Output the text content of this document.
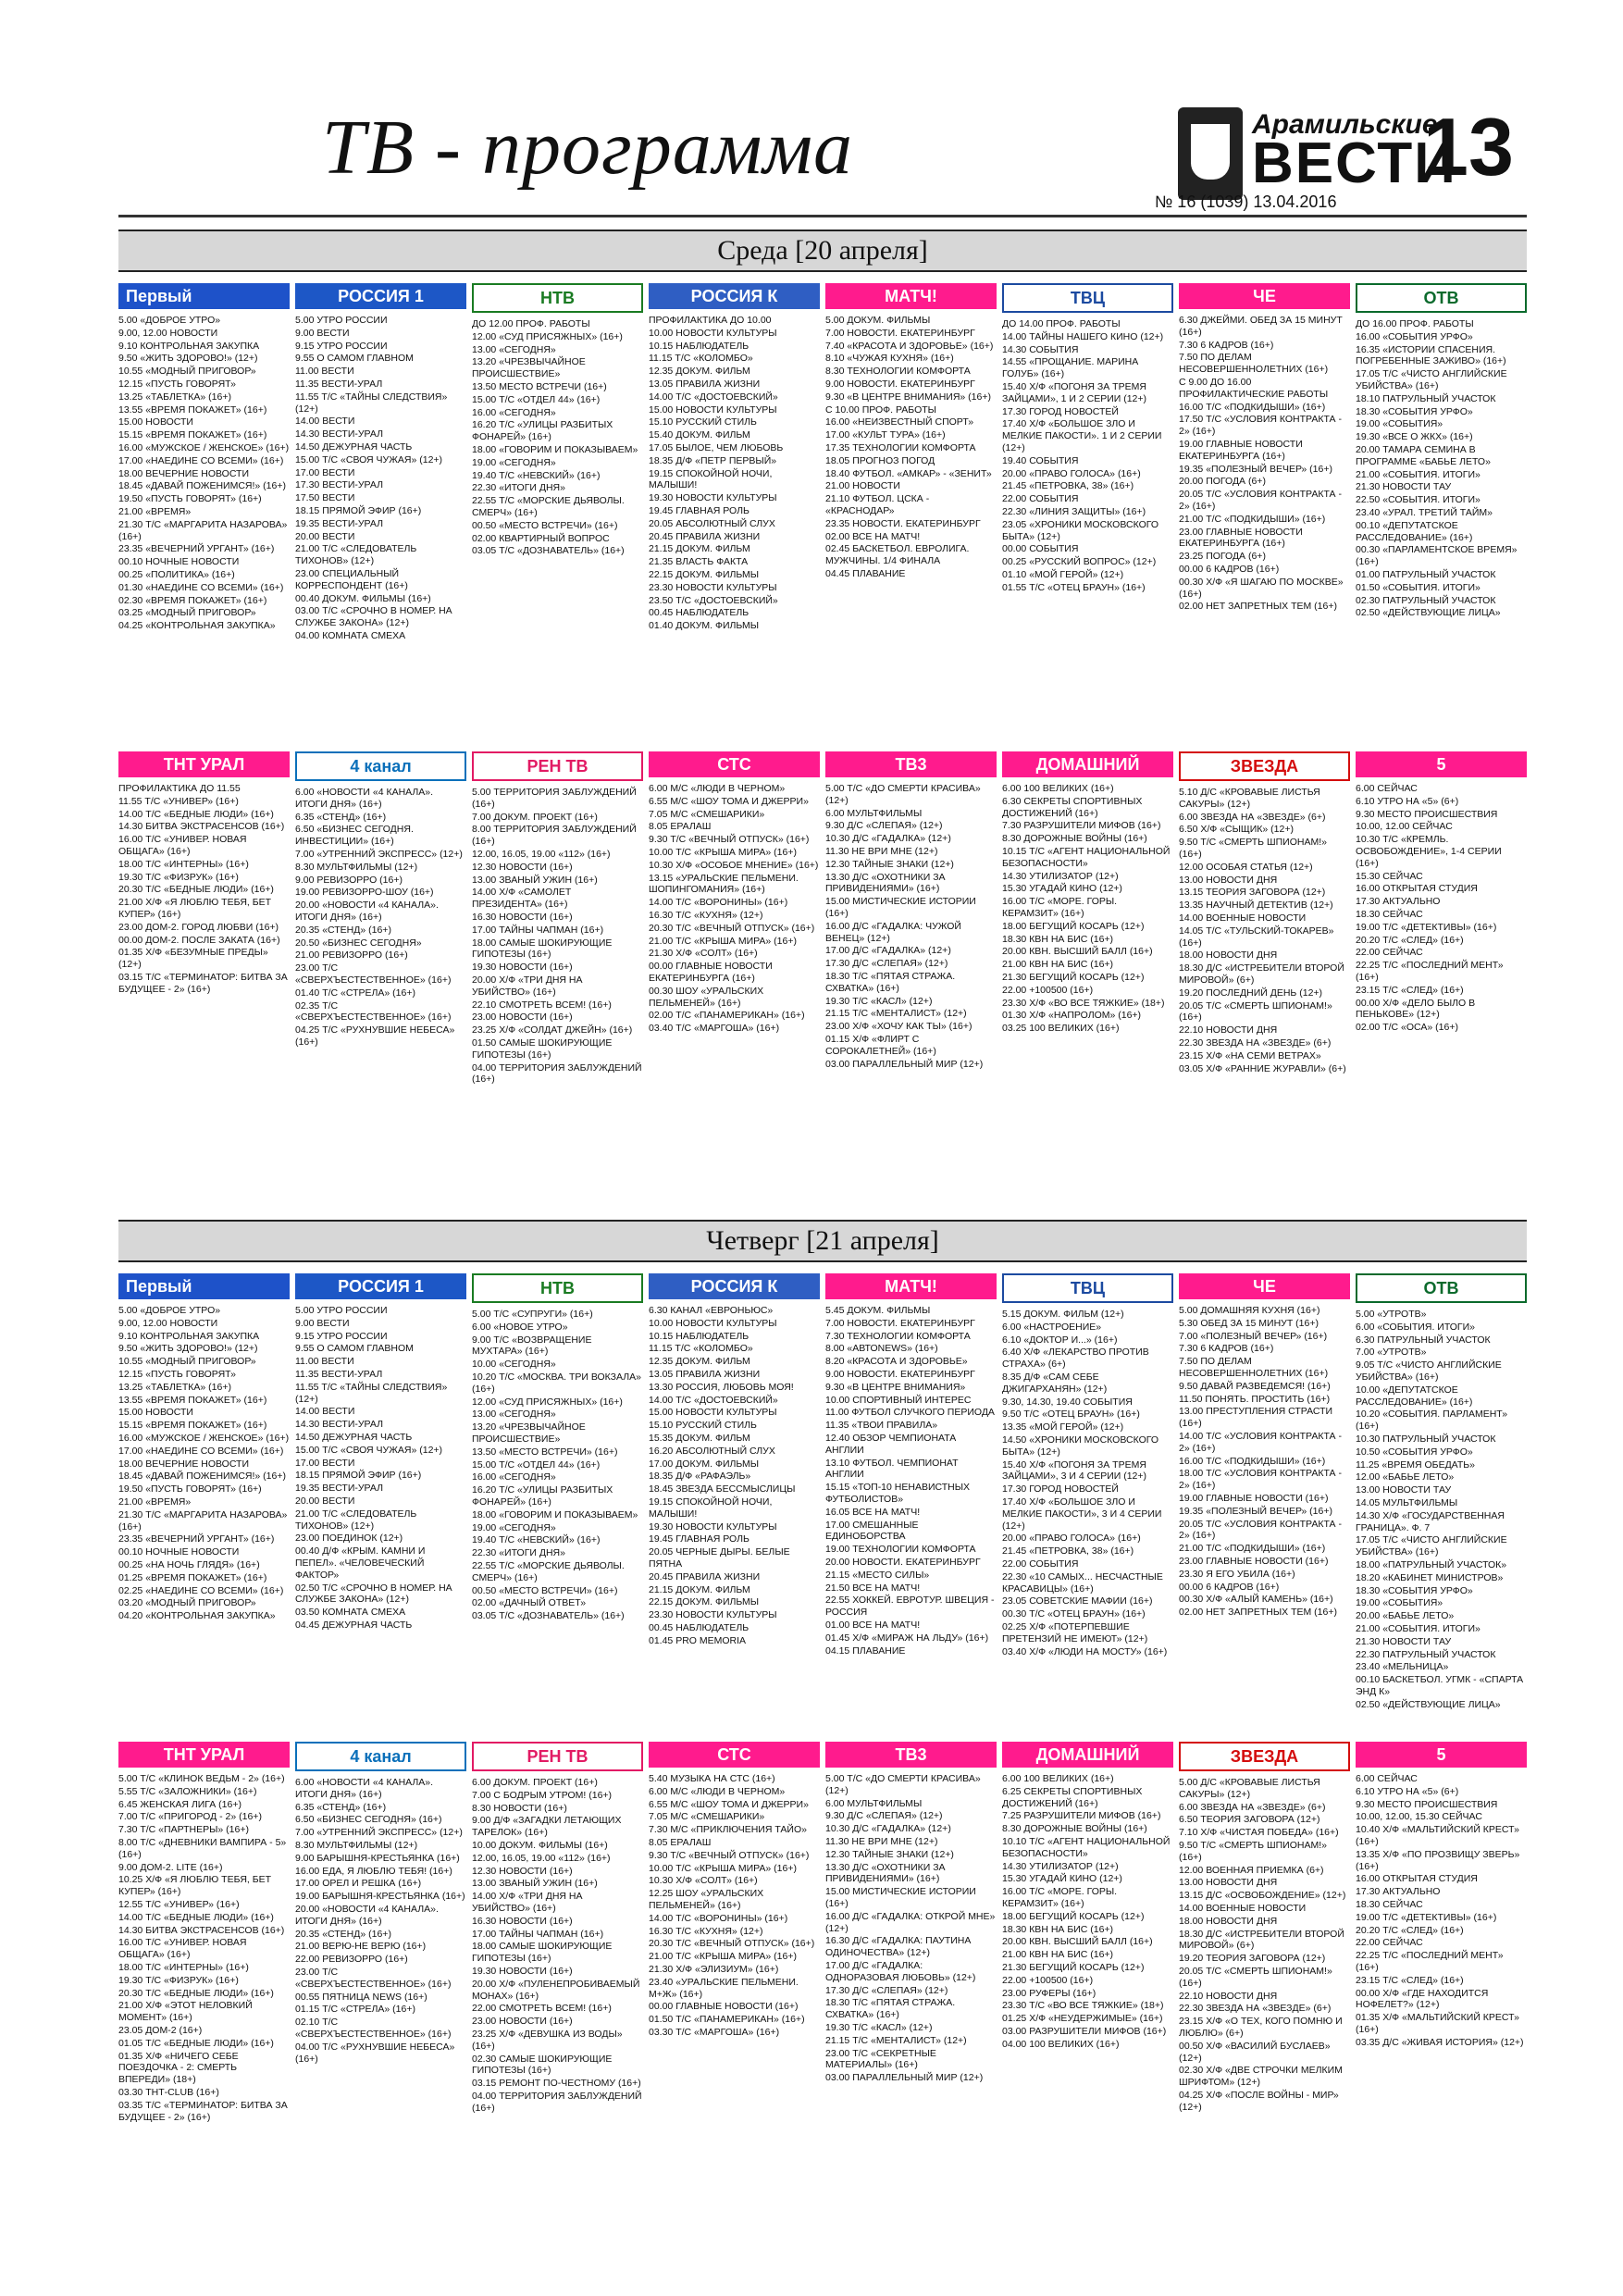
ТВ - программа	Арамильские
ВЕСТИ
13
№ 16 (1039) 13.04.2016
Среда [20 апреля]
Первый
5.00 «ДОБРОЕ УТРО»
9.00, 12.00 НОВОСТИ
9.10 КОНТРОЛЬНАЯ ЗАКУПКА
9.50 «ЖИТЬ ЗДОРОВО!» (12+)
10.55 «МОДНЫЙ ПРИГОВОР»
12.15 «ПУСТЬ ГОВОРЯТ»
13.25 «ТАБЛЕТКА» (16+)
13.55 «ВРЕМЯ ПОКАЖЕТ» (16+)
15.00 НОВОСТИ
15.15 «ВРЕМЯ ПОКАЖЕТ» (16+)
16.00 «МУЖСКОЕ / ЖЕНСКОЕ» (16+)
17.00 «НАЕДИНЕ СО ВСЕМИ» (16+)
18.00 ВЕЧЕРНИЕ НОВОСТИ
18.45 «ДАВАЙ ПОЖЕНИМСЯ!» (16+)
19.50 «ПУСТЬ ГОВОРЯТ» (16+)
21.00 «ВРЕМЯ»
21.30 Т/С «МАРГАРИТА НАЗАРОВА» (16+)
23.35 «ВЕЧЕРНИЙ УРГАНТ» (16+)
00.10 НОЧНЫЕ НОВОСТИ
00.25 «ПОЛИТИКА» (16+)
01.30 «НАЕДИНЕ СО ВСЕМИ» (16+)
02.30 «ВРЕМЯ ПОКАЖЕТ» (16+)
03.25 «МОДНЫЙ ПРИГОВОР»
04.25 «КОНТРОЛЬНАЯ ЗАКУПКА»
РОССИЯ 1
5.00 УТРО РОССИИ
9.00 ВЕСТИ
9.15 УТРО РОССИИ
9.55 О САМОМ ГЛАВНОМ
11.00 ВЕСТИ
11.35 ВЕСТИ-УРАЛ
11.55 Т/С «ТАЙНЫ СЛЕДСТВИЯ» (12+)
14.00 ВЕСТИ
14.30 ВЕСТИ-УРАЛ
14.50 ДЕЖУРНАЯ ЧАСТЬ
15.00 Т/С «СВОЯ ЧУЖАЯ» (12+)
17.00 ВЕСТИ
17.30 ВЕСТИ-УРАЛ
17.50 ВЕСТИ
18.15 ПРЯМОЙ ЭФИР (16+)
19.35 ВЕСТИ-УРАЛ
20.00 ВЕСТИ
21.00 Т/С «СЛЕДОВАТЕЛЬ ТИХОНОВ» (12+)
23.00 СПЕЦИАЛЬНЫЙ КОРРЕСПОНДЕНТ (16+)
00.40 ДОКУМ. ФИЛЬМЫ (16+)
03.00 Т/С «СРОЧНО В НОМЕР. НА СЛУЖБЕ ЗАКОНА» (12+)
04.00 КОМНАТА СМЕХА
НТВ
ДО 12.00 ПРОФ. РАБОТЫ
12.00 «СУД ПРИСЯЖНЫХ» (16+)
13.00 «СЕГОДНЯ»
13.20 «ЧРЕЗВЫЧАЙНОЕ ПРОИСШЕСТВИЕ»
13.50 МЕСТО ВСТРЕЧИ (16+)
15.00 Т/С «ОТДЕЛ 44» (16+)
16.00 «СЕГОДНЯ»
16.20 Т/С «УЛИЦЫ РАЗБИТЫХ ФОНАРЕЙ» (16+)
18.00 «ГОВОРИМ И ПОКАЗЫВАЕМ»
19.00 «СЕГОДНЯ»
19.40 Т/С «НЕВСКИЙ» (16+)
22.30 «ИТОГИ ДНЯ»
22.55 Т/С «МОРСКИЕ ДЬЯВОЛЫ. СМЕРЧ» (16+)
00.50 «МЕСТО ВСТРЕЧИ» (16+)
02.00 КВАРТИРНЫЙ ВОПРОС
03.05 Т/С «ДОЗНАВАТЕЛЬ» (16+)
РОССИЯ К
ПРОФИЛАКТИКА ДО 10.00
10.00 НОВОСТИ КУЛЬТУРЫ
10.15 НАБЛЮДАТЕЛЬ
11.15 Т/С «КОЛОМБО»
12.35 ДОКУМ. ФИЛЬМ
13.05 ПРАВИЛА ЖИЗНИ
14.00 Т/С «ДОСТОЕВСКИЙ»
15.00 НОВОСТИ КУЛЬТУРЫ
15.10 РУССКИЙ СТИЛЬ
15.40 ДОКУМ. ФИЛЬМ
17.05 БЫЛОЕ, ЧЕМ ЛЮБОВЬ
18.35 Д/Ф «ПЕТР ПЕРВЫЙ»
19.15 СПОКОЙНОЙ НОЧИ, МАЛЫШИ!
19.30 НОВОСТИ КУЛЬТУРЫ
19.45 ГЛАВНАЯ РОЛЬ
20.05 АБСОЛЮТНЫЙ СЛУХ
20.45 ПРАВИЛА ЖИЗНИ
21.15 ДОКУМ. ФИЛЬМ
21.35 ВЛАСТЬ ФАКТА
22.15 ДОКУМ. ФИЛЬМЫ
23.30 НОВОСТИ КУЛЬТУРЫ
23.50 Т/С «ДОСТОЕВСКИЙ»
00.45 НАБЛЮДАТЕЛЬ
01.40 ДОКУМ. ФИЛЬМЫ
МАТЧ!
5.00 ДОКУМ. ФИЛЬМЫ
7.00 НОВОСТИ. ЕКАТЕРИНБУРГ
7.40 «КРАСОТА И ЗДОРОВЬЕ» (16+)
8.10 «ЧУЖАЯ КУХНЯ» (16+)
8.30 ТЕХНОЛОГИИ КОМФОРТА
9.00 НОВОСТИ. ЕКАТЕРИНБУРГ
9.30 «В ЦЕНТРЕ ВНИМАНИЯ» (16+)
С 10.00 ПРОФ. РАБОТЫ
16.00 «НЕИЗВЕСТНЫЙ СПОРТ»
17.00 «КУЛЬТ ТУРА» (16+)
17.35 ТЕХНОЛОГИИ КОМФОРТА
18.05 ПРОГНОЗ ПОГОД
18.40 ФУТБОЛ. «АМКАР» - «ЗЕНИТ»
21.00 НОВОСТИ
21.10 ФУТБОЛ. ЦСКА - «КРАСНОДАР»
23.35 НОВОСТИ. ЕКАТЕРИНБУРГ
02.00 ВСЕ НА МАТЧ!
02.45 БАСКЕТБОЛ. ЕВРОЛИГА. МУЖЧИНЫ. 1/4 ФИНАЛА
04.45 ПЛАВАНИЕ
ТВЦ
ДО 14.00 ПРОФ. РАБОТЫ
14.00 ТАЙНЫ НАШЕГО КИНО (12+)
14.30 СОБЫТИЯ
14.55 «ПРОЩАНИЕ. МАРИНА ГОЛУБ» (16+)
15.40 Х/Ф «ПОГОНЯ ЗА ТРЕМЯ ЗАЙЦАМИ», 1 И 2 СЕРИИ (12+)
17.30 ГОРОД НОВОСТЕЙ
17.40 Х/Ф «БОЛЬШОЕ ЗЛО И МЕЛКИЕ ПАКОСТИ». 1 И 2 СЕРИИ (12+)
19.40 СОБЫТИЯ
20.00 «ПРАВО ГОЛОСА» (16+)
21.45 «ПЕТРОВКА, 38» (16+)
22.00 СОБЫТИЯ
22.30 «ЛИНИЯ ЗАЩИТЫ» (16+)
23.05 «ХРОНИКИ МОСКОВСКОГО БЫТА» (12+)
00.00 СОБЫТИЯ
00.25 «РУССКИЙ ВОПРОС» (12+)
01.10 «МОЙ ГЕРОЙ» (12+)
01.55 Т/С «ОТЕЦ БРАУН» (16+)
ЧЕ
6.30 ДЖЕЙМИ. ОБЕД ЗА 15 МИНУТ (16+)
7.30 6 КАДРОВ (16+)
7.50 ПО ДЕЛАМ НЕСОВЕРШЕННОЛЕТНИХ (16+)
С 9.00 ДО 16.00 ПРОФИЛАКТИЧЕСКИЕ РАБОТЫ
16.00 Т/С «ПОДКИДЫШИ» (16+)
17.50 Т/С «УСЛОВИЯ КОНТРАКТА - 2» (16+)
19.00 ГЛАВНЫЕ НОВОСТИ ЕКАТЕРИНБУРГА (16+)
19.35 «ПОЛЕЗНЫЙ ВЕЧЕР» (16+)
20.00 ПОГОДА (6+)
20.05 Т/С «УСЛОВИЯ КОНТРАКТА - 2» (16+)
21.00 Т/С «ПОДКИДЫШИ» (16+)
23.00 ГЛАВНЫЕ НОВОСТИ ЕКАТЕРИНБУРГА (16+)
23.25 ПОГОДА (6+)
00.00 6 КАДРОВ (16+)
00.30 Х/Ф «Я ШАГАЮ ПО МОСКВЕ» (16+)
02.00 НЕТ ЗАПРЕТНЫХ ТЕМ (16+)
ОТВ
ДО 16.00 ПРОФ. РАБОТЫ
16.00 «СОБЫТИЯ УРФО»
16.35 «ИСТОРИИ СПАСЕНИЯ. ПОГРЕБЕННЫЕ ЗАЖИВО» (16+)
17.05 Т/С «ЧИСТО АНГЛИЙСКИЕ УБИЙСТВА» (16+)
18.10 ПАТРУЛЬНЫЙ УЧАСТОК
18.30 «СОБЫТИЯ УРФО»
19.00 «СОБЫТИЯ»
19.30 «ВСЕ О ЖКХ» (16+)
20.00 ТАМАРА СЕМИНА В ПРОГРАММЕ «БАБЬЕ ЛЕТО»
21.00 «СОБЫТИЯ. ИТОГИ»
21.30 НОВОСТИ ТАУ
22.50 «СОБЫТИЯ. ИТОГИ»
23.40 «УРАЛ. ТРЕТИЙ ТАЙМ»
00.10 «ДЕПУТАТСКОЕ РАССЛЕДОВАНИЕ» (16+)
00.30 «ПАРЛАМЕНТСКОЕ ВРЕМЯ» (16+)
01.00 ПАТРУЛЬНЫЙ УЧАСТОК
01.50 «СОБЫТИЯ. ИТОГИ»
02.30 ПАТРУЛЬНЫЙ УЧАСТОК
02.50 «ДЕЙСТВУЮЩИЕ ЛИЦА»
ТНТ УРАЛ
ПРОФИЛАКТИКА ДО 11.55
11.55 Т/С «УНИВЕР» (16+)
14.00 Т/С «БЕДНЫЕ ЛЮДИ» (16+)
14.30 БИТВА ЭКСТРАСЕНСОВ (16+)
16.00 Т/С «УНИВЕР. НОВАЯ ОБЩАГА» (16+)
18.00 Т/С «ИНТЕРНЫ» (16+)
19.30 Т/С «ФИЗРУК» (16+)
20.30 Т/С «БЕДНЫЕ ЛЮДИ» (16+)
21.00 Х/Ф «Я ЛЮБЛЮ ТЕБЯ, БЕТ КУПЕР» (16+)
23.00 ДОМ-2. ГОРОД ЛЮБВИ (16+)
00.00 ДОМ-2. ПОСЛЕ ЗАКАТА (16+)
01.35 Х/Ф «БЕЗУМНЫЕ ПРЕДЫ» (12+)
03.15 Т/С «ТЕРМИНАТОР: БИТВА ЗА БУДУЩЕЕ - 2» (16+)
4 канал
6.00 «НОВОСТИ «4 КАНАЛА». ИТОГИ ДНЯ» (16+)
6.35 «СТЕНД» (16+)
6.50 «БИЗНЕС СЕГОДНЯ. ИНВЕСТИЦИИ» (16+)
7.00 «УТРЕННИЙ ЭКСПРЕСС» (12+)
8.30 МУЛЬТФИЛЬМЫ (12+)
9.00 РЕВИЗОРРО (16+)
19.00 РЕВИЗОРРО-ШОУ (16+)
20.00 «НОВОСТИ «4 КАНАЛА». ИТОГИ ДНЯ» (16+)
20.35 «СТЕНД» (16+)
20.50 «БИЗНЕС СЕГОДНЯ»
21.00 РЕВИЗОРРО (16+)
23.00 Т/С «СВЕРХЪЕСТЕСТВЕННОЕ» (16+)
01.40 Т/С «СТРЕЛА» (16+)
02.35 Т/С «СВЕРХЪЕСТЕСТВЕННОЕ» (16+)
04.25 Т/С «РУХНУВШИЕ НЕБЕСА» (16+)
РЕН ТВ
5.00 ТЕРРИТОРИЯ ЗАБЛУЖДЕНИЙ (16+)
7.00 ДОКУМ. ПРОЕКТ (16+)
8.00 ТЕРРИТОРИЯ ЗАБЛУЖДЕНИЙ (16+)
12.00, 16.05, 19.00 «112» (16+)
12.30 НОВОСТИ (16+)
13.00 ЗВАНЫЙ УЖИН (16+)
14.00 Х/Ф «САМОЛЕТ ПРЕЗИДЕНТА» (16+)
16.30 НОВОСТИ (16+)
17.00 ТАЙНЫ ЧАПМАН (16+)
18.00 САМЫЕ ШОКИРУЮЩИЕ ГИПОТЕЗЫ (16+)
19.30 НОВОСТИ (16+)
20.00 Х/Ф «ТРИ ДНЯ НА УБИЙСТВО» (16+)
22.10 СМОТРЕТЬ ВСЕМ! (16+)
23.00 НОВОСТИ (16+)
23.25 Х/Ф «СОЛДАТ ДЖЕЙН» (16+)
01.50 САМЫЕ ШОКИРУЮЩИЕ ГИПОТЕЗЫ (16+)
04.00 ТЕРРИТОРИЯ ЗАБЛУЖДЕНИЙ (16+)
СТС
6.00 М/С «ЛЮДИ В ЧЕРНОМ»
6.55 М/С «ШОУ ТОМА И ДЖЕРРИ»
7.05 М/С «СМЕШАРИКИ»
8.05 ЕРАЛАШ
9.30 Т/С «ВЕЧНЫЙ ОТПУСК» (16+)
10.00 Т/С «КРЫША МИРА» (16+)
10.30 Х/Ф «ОСОБОЕ МНЕНИЕ» (16+)
13.15 «УРАЛЬСКИЕ ПЕЛЬМЕНИ. ШОПИНГОМАНИЯ» (16+)
14.00 Т/С «ВОРОНИНЫ» (16+)
16.30 Т/С «КУХНЯ» (12+)
20.30 Т/С «ВЕЧНЫЙ ОТПУСК» (16+)
21.00 Т/С «КРЫША МИРА» (16+)
21.30 Х/Ф «СОЛТ» (16+)
00.00 ГЛАВНЫЕ НОВОСТИ ЕКАТЕРИНБУРГА (16+)
00.30 ШОУ «УРАЛЬСКИХ ПЕЛЬМЕНЕЙ» (16+)
02.00 Т/С «ПАНАМЕРИКАН» (16+)
03.40 Т/С «МАРГОША» (16+)
ТВ3
5.00 Т/С «ДО СМЕРТИ КРАСИВА» (12+)
6.00 МУЛЬТФИЛЬМЫ
9.30 Д/С «СЛЕПАЯ» (12+)
10.30 Д/С «ГАДАЛКА» (12+)
11.30 НЕ ВРИ МНЕ (12+)
12.30 ТАЙНЫЕ ЗНАКИ (12+)
13.30 Д/С «ОХОТНИКИ ЗА ПРИВИДЕНИЯМИ» (16+)
15.00 МИСТИЧЕСКИЕ ИСТОРИИ (16+)
16.00 Д/С «ГАДАЛКА: ЧУЖОЙ ВЕНЕЦ» (12+)
17.00 Д/С «ГАДАЛКА» (12+)
17.30 Д/С «СЛЕПАЯ» (12+)
18.30 Т/С «ПЯТАЯ СТРАЖА. СХВАТКА» (16+)
19.30 Т/С «КАСЛ» (12+)
21.15 Т/С «МЕНТАЛИСТ» (12+)
23.00 Х/Ф «ХОЧУ КАК ТЫ» (16+)
01.15 Х/Ф «ФЛИРТ С СОРОКАЛЕТНЕЙ» (16+)
03.00 ПАРАЛЛЕЛЬНЫЙ МИР (12+)
ДОМАШНИЙ
6.00 100 ВЕЛИКИХ (16+)
6.30 СЕКРЕТЫ СПОРТИВНЫХ ДОСТИЖЕНИЙ (16+)
7.30 РАЗРУШИТЕЛИ МИФОВ (16+)
8.30 ДОРОЖНЫЕ ВОЙНЫ (16+)
10.15 Т/С «АГЕНТ НАЦИОНАЛЬНОЙ БЕЗОПАСНОСТИ»
14.30 УТИЛИЗАТОР (12+)
15.30 УГАДАЙ КИНО (12+)
16.00 Т/С «МОРЕ. ГОРЫ. КЕРАМЗИТ» (16+)
18.00 БЕГУЩИЙ КОСАРЬ (12+)
18.30 КВН НА БИС (16+)
20.00 КВН. ВЫСШИЙ БАЛЛ (16+)
21.00 КВН НА БИС (16+)
21.30 БЕГУЩИЙ КОСАРЬ (12+)
22.00 +100500 (16+)
23.30 Х/Ф «ВО ВСЕ ТЯЖКИЕ» (18+)
01.30 Х/Ф «НАПРОЛОМ» (16+)
03.25 100 ВЕЛИКИХ (16+)
ЗВЕЗДА
5.10 Д/С «КРОВАВЫЕ ЛИСТЬЯ САКУРЫ» (12+)
6.00 ЗВЕЗДА НА «ЗВЕЗДЕ» (6+)
6.50 Х/Ф «СЫЩИК» (12+)
9.50 Т/С «СМЕРТЬ ШПИОНАМ!» (16+)
12.00 ОСОБАЯ СТАТЬЯ (12+)
13.00 НОВОСТИ ДНЯ
13.15 ТЕОРИЯ ЗАГОВОРА (12+)
13.35 НАУЧНЫЙ ДЕТЕКТИВ (12+)
14.00 ВОЕННЫЕ НОВОСТИ
14.05 Т/С «ТУЛЬСКИЙ-ТОКАРЕВ» (16+)
18.00 НОВОСТИ ДНЯ
18.30 Д/С «ИСТРЕБИТЕЛИ ВТОРОЙ МИРОВОЙ» (6+)
19.20 ПОСЛЕДНИЙ ДЕНЬ (12+)
20.05 Т/С «СМЕРТЬ ШПИОНАМ!» (16+)
22.10 НОВОСТИ ДНЯ
22.30 ЗВЕЗДА НА «ЗВЕЗДЕ» (6+)
23.15 Х/Ф «НА СЕМИ ВЕТРАХ»
03.05 Х/Ф «РАННИЕ ЖУРАВЛИ» (6+)
5
6.00 СЕЙЧАС
6.10 УТРО НА «5» (6+)
9.30 МЕСТО ПРОИСШЕСТВИЯ
10.00, 12.00 СЕЙЧАС
10.30 Т/С «КРЕМЛЬ. ОСВОБОЖДЕНИЕ», 1-4 СЕРИИ (16+)
15.30 СЕЙЧАС
16.00 ОТКРЫТАЯ СТУДИЯ
17.30 АКТУАЛЬНО
18.30 СЕЙЧАС
19.00 Т/С «ДЕТЕКТИВЫ» (16+)
20.20 Т/С «СЛЕД» (16+)
22.00 СЕЙЧАС
22.25 Т/С «ПОСЛЕДНИЙ МЕНТ» (16+)
23.15 Т/С «СЛЕД» (16+)
00.00 Х/Ф «ДЕЛО БЫЛО В ПЕНЬКОВЕ» (12+)
02.00 Т/С «ОСА» (16+)
Четверг [21 апреля]
Первый
5.00 «ДОБРОЕ УТРО»
9.00, 12.00 НОВОСТИ
9.10 КОНТРОЛЬНАЯ ЗАКУПКА
9.50 «ЖИТЬ ЗДОРОВО!» (12+)
10.55 «МОДНЫЙ ПРИГОВОР»
12.15 «ПУСТЬ ГОВОРЯТ»
13.25 «ТАБЛЕТКА» (16+)
13.55 «ВРЕМЯ ПОКАЖЕТ» (16+)
15.00 НОВОСТИ
15.15 «ВРЕМЯ ПОКАЖЕТ» (16+)
16.00 «МУЖСКОЕ / ЖЕНСКОЕ» (16+)
17.00 «НАЕДИНЕ СО ВСЕМИ» (16+)
18.00 ВЕЧЕРНИЕ НОВОСТИ
18.45 «ДАВАЙ ПОЖЕНИМСЯ!» (16+)
19.50 «ПУСТЬ ГОВОРЯТ» (16+)
21.00 «ВРЕМЯ»
21.30 Т/С «МАРГАРИТА НАЗАРОВА» (16+)
23.35 «ВЕЧЕРНИЙ УРГАНТ» (16+)
00.10 НОЧНЫЕ НОВОСТИ
00.25 «НА НОЧЬ ГЛЯДЯ» (16+)
01.25 «ВРЕМЯ ПОКАЖЕТ» (16+)
02.25 «НАЕДИНЕ СО ВСЕМИ» (16+)
03.20 «МОДНЫЙ ПРИГОВОР»
04.20 «КОНТРОЛЬНАЯ ЗАКУПКА»
РОССИЯ 1
5.00 УТРО РОССИИ
9.00 ВЕСТИ
9.15 УТРО РОССИИ
9.55 О САМОМ ГЛАВНОМ
11.00 ВЕСТИ
11.35 ВЕСТИ-УРАЛ
11.55 Т/С «ТАЙНЫ СЛЕДСТВИЯ» (12+)
14.00 ВЕСТИ
14.30 ВЕСТИ-УРАЛ
14.50 ДЕЖУРНАЯ ЧАСТЬ
15.00 Т/С «СВОЯ ЧУЖАЯ» (12+)
17.00 ВЕСТИ
18.15 ПРЯМОЙ ЭФИР (16+)
19.35 ВЕСТИ-УРАЛ
20.00 ВЕСТИ
21.00 Т/С «СЛЕДОВАТЕЛЬ ТИХОНОВ» (12+)
23.00 ПОЕДИНОК (12+)
00.40 Д/Ф «КРЫМ. КАМНИ И ПЕПЕЛ». «ЧЕЛОВЕЧЕСКИЙ ФАКТОР»
02.50 Т/С «СРОЧНО В НОМЕР. НА СЛУЖБЕ ЗАКОНА» (12+)
03.50 КОМНАТА СМЕХА
04.45 ДЕЖУРНАЯ ЧАСТЬ
НТВ
5.00 Т/С «СУПРУГИ» (16+)
6.00 «НОВОЕ УТРО»
9.00 Т/С «ВОЗВРАЩЕНИЕ МУХТАРА» (16+)
10.00 «СЕГОДНЯ»
10.20 Т/С «МОСКВА. ТРИ ВОКЗАЛА» (16+)
12.00 «СУД ПРИСЯЖНЫХ» (16+)
13.00 «СЕГОДНЯ»
13.20 «ЧРЕЗВЫЧАЙНОЕ ПРОИСШЕСТВИЕ»
13.50 «МЕСТО ВСТРЕЧИ» (16+)
15.00 Т/С «ОТДЕЛ 44» (16+)
16.00 «СЕГОДНЯ»
16.20 Т/С «УЛИЦЫ РАЗБИТЫХ ФОНАРЕЙ» (16+)
18.00 «ГОВОРИМ И ПОКАЗЫВАЕМ»
19.00 «СЕГОДНЯ»
19.40 Т/С «НЕВСКИЙ» (16+)
22.30 «ИТОГИ ДНЯ»
22.55 Т/С «МОРСКИЕ ДЬЯВОЛЫ. СМЕРЧ» (16+)
00.50 «МЕСТО ВСТРЕЧИ» (16+)
02.00 «ДАЧНЫЙ ОТВЕТ»
03.05 Т/С «ДОЗНАВАТЕЛЬ» (16+)
РОССИЯ К
6.30 КАНАЛ «ЕВРОНЬЮС»
10.00 НОВОСТИ КУЛЬТУРЫ
10.15 НАБЛЮДАТЕЛЬ
11.15 Т/С «КОЛОМБО»
12.35 ДОКУМ. ФИЛЬМ
13.05 ПРАВИЛА ЖИЗНИ
13.30 РОССИЯ, ЛЮБОВЬ МОЯ!
14.00 Т/С «ДОСТОЕВСКИЙ»
15.00 НОВОСТИ КУЛЬТУРЫ
15.10 РУССКИЙ СТИЛЬ
15.35 ДОКУМ. ФИЛЬМ
16.20 АБСОЛЮТНЫЙ СЛУХ
17.00 ДОКУМ. ФИЛЬМЫ
18.35 Д/Ф «РАФАЭЛЬ»
18.45 ЗВЕЗДА БЕССМЫСЛИЦЫ
19.15 СПОКОЙНОЙ НОЧИ, МАЛЫШИ!
19.30 НОВОСТИ КУЛЬТУРЫ
19.45 ГЛАВНАЯ РОЛЬ
20.05 ЧЕРНЫЕ ДЫРЫ. БЕЛЫЕ ПЯТНА
20.45 ПРАВИЛА ЖИЗНИ
21.15 ДОКУМ. ФИЛЬМ
22.15 ДОКУМ. ФИЛЬМЫ
23.30 НОВОСТИ КУЛЬТУРЫ
00.45 НАБЛЮДАТЕЛЬ
01.45 PRO MEMORIA
МАТЧ!
5.45 ДОКУМ. ФИЛЬМЫ
7.00 НОВОСТИ. ЕКАТЕРИНБУРГ
7.30 ТЕХНОЛОГИИ КОМФОРТА
8.00 «АВТОNEWS» (16+)
8.20 «КРАСОТА И ЗДОРОВЬЕ»
9.00 НОВОСТИ. ЕКАТЕРИНБУРГ
9.30 «В ЦЕНТРЕ ВНИМАНИЯ»
10.00 СПОРТИВНЫЙ ИНТЕРЕС
11.00 ФУТБОЛ СЛУЧКОГО ПЕРИОДА
11.35 «ТВОИ ПРАВИЛА»
12.40 ОБЗОР ЧЕМПИОНАТА АНГЛИИ
13.10 ФУТБОЛ. ЧЕМПИОНАТ АНГЛИИ
15.15 «ТОП-10 НЕНАВИСТНЫХ ФУТБОЛИСТОВ»
16.05 ВСЕ НА МАТЧ!
17.00 СМЕШАННЫЕ ЕДИНОБОРСТВА
19.00 ТЕХНОЛОГИИ КОМФОРТА
20.00 НОВОСТИ. ЕКАТЕРИНБУРГ
21.15 «МЕСТО СИЛЫ»
21.50 ВСЕ НА МАТЧ!
22.55 ХОККЕЙ. ЕВРОТУР. ШВЕЦИЯ - РОССИЯ
01.00 ВСЕ НА МАТЧ!
01.45 Х/Ф «МИРАЖ НА ЛЬДУ» (16+)
04.15 ПЛАВАНИЕ
ТВЦ
5.15 ДОКУМ. ФИЛЬМ (12+)
6.00 «НАСТРОЕНИЕ»
6.10 «ДОКТОР И...» (16+)
6.40 Х/Ф «ЛЕКАРСТВО ПРОТИВ СТРАХА» (6+)
8.35 Д/Ф «САМ СЕБЕ ДЖИГАРХАНЯН» (12+)
9.30, 14.30, 19.40 СОБЫТИЯ
9.50 Т/С «ОТЕЦ БРАУН» (16+)
13.35 «МОЙ ГЕРОЙ» (12+)
14.50 «ХРОНИКИ МОСКОВСКОГО БЫТА» (12+)
15.40 Х/Ф «ПОГОНЯ ЗА ТРЕМЯ ЗАЙЦАМИ», 3 И 4 СЕРИИ (12+)
17.30 ГОРОД НОВОСТЕЙ
17.40 Х/Ф «БОЛЬШОЕ ЗЛО И МЕЛКИЕ ПАКОСТИ», 3 И 4 СЕРИИ (12+)
20.00 «ПРАВО ГОЛОСА» (16+)
21.45 «ПЕТРОВКА, 38» (16+)
22.00 СОБЫТИЯ
22.30 «10 САМЫХ... НЕСЧАСТНЫЕ КРАСАВИЦЫ» (16+)
23.05 СОВЕТСКИЕ МАФИИ (16+)
00.30 Т/С «ОТЕЦ БРАУН» (16+)
02.25 Х/Ф «ПОТЕРПЕВШИЕ ПРЕТЕНЗИЙ НЕ ИМЕЮТ» (12+)
03.40 Х/Ф «ЛЮДИ НА МОСТУ» (16+)
ЧЕ
5.00 ДОМАШНЯЯ КУХНЯ (16+)
5.30 ОБЕД ЗА 15 МИНУТ (16+)
7.00 «ПОЛЕЗНЫЙ ВЕЧЕР» (16+)
7.30 6 КАДРОВ (16+)
7.50 ПО ДЕЛАМ НЕСОВЕРШЕННОЛЕТНИХ (16+)
9.50 ДАВАЙ РАЗВЕДЕМСЯ! (16+)
11.50 ПОНЯТЬ. ПРОСТИТЬ (16+)
13.00 ПРЕСТУПЛЕНИЯ СТРАСТИ (16+)
14.00 Т/С «УСЛОВИЯ КОНТРАКТА - 2» (16+)
16.00 Т/С «ПОДКИДЫШИ» (16+)
18.00 Т/С «УСЛОВИЯ КОНТРАКТА - 2» (16+)
19.00 ГЛАВНЫЕ НОВОСТИ (16+)
19.35 «ПОЛЕЗНЫЙ ВЕЧЕР» (16+)
20.05 Т/С «УСЛОВИЯ КОНТРАКТА - 2» (16+)
21.00 Т/С «ПОДКИДЫШИ» (16+)
23.00 ГЛАВНЫЕ НОВОСТИ (16+)
23.30 Я ЕГО УБИЛА (16+)
00.00 6 КАДРОВ (16+)
00.30 Х/Ф «АЛЫЙ КАМЕНЬ» (16+)
02.00 НЕТ ЗАПРЕТНЫХ ТЕМ (16+)
ОТВ
5.00 «УТРОТВ»
6.00 «СОБЫТИЯ. ИТОГИ»
6.30 ПАТРУЛЬНЫЙ УЧАСТОК
7.00 «УТРОТВ»
9.05 Т/С «ЧИСТО АНГЛИЙСКИЕ УБИЙСТВА» (16+)
10.00 «ДЕПУТАТСКОЕ РАССЛЕДОВАНИЕ» (16+)
10.20 «СОБЫТИЯ. ПАРЛАМЕНТ» (16+)
10.30 ПАТРУЛЬНЫЙ УЧАСТОК
10.50 «СОБЫТИЯ УРФО»
11.25 «ВРЕМЯ ОБЕДАТЬ»
12.00 «БАБЬЕ ЛЕТО»
13.00 НОВОСТИ ТАУ
14.05 МУЛЬТФИЛЬМЫ
14.30 Х/Ф «ГОСУДАРСТВЕННАЯ ГРАНИЦА». Ф. 7
17.05 Т/С «ЧИСТО АНГЛИЙСКИЕ УБИЙСТВА» (16+)
18.00 «ПАТРУЛЬНЫЙ УЧАСТОК»
18.20 «КАБИНЕТ МИНИСТРОВ»
18.30 «СОБЫТИЯ УРФО»
19.00 «СОБЫТИЯ»
20.00 «БАБЬЕ ЛЕТО»
21.00 «СОБЫТИЯ. ИТОГИ»
21.30 НОВОСТИ ТАУ
22.30 ПАТРУЛЬНЫЙ УЧАСТОК
23.40 «МЕЛЬНИЦА»
00.10 БАСКЕТБОЛ. УГМК - «СПАРТА ЭНД К»
02.50 «ДЕЙСТВУЮЩИЕ ЛИЦА»
ТНТ УРАЛ
5.00 Т/С «КЛИНОК ВЕДЬМ - 2» (16+)
5.55 Т/С «ЗАЛОЖНИКИ» (16+)
6.45 ЖЕНСКАЯ ЛИГА (16+)
7.00 Т/С «ПРИГОРОД - 2» (16+)
7.30 Т/С «ПАРТНЕРЫ» (16+)
8.00 Т/С «ДНЕВНИКИ ВАМПИРА - 5» (16+)
9.00 ДОМ-2. LITE (16+)
10.25 Х/Ф «Я ЛЮБЛЮ ТЕБЯ, БЕТ КУПЕР» (16+)
12.55 Т/С «УНИВЕР» (16+)
14.00 Т/С «БЕДНЫЕ ЛЮДИ» (16+)
14.30 БИТВА ЭКСТРАСЕНСОВ (16+)
16.00 Т/С «УНИВЕР. НОВАЯ ОБЩАГА» (16+)
18.00 Т/С «ИНТЕРНЫ» (16+)
19.30 Т/С «ФИЗРУК» (16+)
20.30 Т/С «БЕДНЫЕ ЛЮДИ» (16+)
21.00 Х/Ф «ЭТОТ НЕЛОВКИЙ МОМЕНТ» (16+)
23.05 ДОМ-2 (16+)
01.05 Т/С «БЕДНЫЕ ЛЮДИ» (16+)
01.35 Х/Ф «НИЧЕГО СЕБЕ ПОЕЗДОЧКА - 2: СМЕРТЬ ВПЕРЕДИ» (18+)
03.30 ТНТ-CLUB (16+)
03.35 Т/С «ТЕРМИНАТОР: БИТВА ЗА БУДУЩЕЕ - 2» (16+)
4 канал
6.00 «НОВОСТИ «4 КАНАЛА». ИТОГИ ДНЯ» (16+)
6.35 «СТЕНД» (16+)
6.50 «БИЗНЕС СЕГОДНЯ» (16+)
7.00 «УТРЕННИЙ ЭКСПРЕСС» (12+)
8.30 МУЛЬТФИЛЬМЫ (12+)
9.00 БАРЫШНЯ-КРЕСТЬЯНКА (16+)
16.00 ЕДА, Я ЛЮБЛЮ ТЕБЯ! (16+)
17.00 ОРЕЛ И РЕШКА (16+)
19.00 БАРЫШНЯ-КРЕСТЬЯНКА (16+)
20.00 «НОВОСТИ «4 КАНАЛА». ИТОГИ ДНЯ» (16+)
20.35 «СТЕНД» (16+)
21.00 ВЕРЮ-НЕ ВЕРЮ (16+)
22.00 РЕВИЗОРРО (16+)
23.00 Т/С «СВЕРХЪЕСТЕСТВЕННОЕ» (16+)
00.55 ПЯТНИЦА NEWS (16+)
01.15 Т/С «СТРЕЛА» (16+)
02.10 Т/С «СВЕРХЪЕСТЕСТВЕННОЕ» (16+)
04.00 Т/С «РУХНУВШИЕ НЕБЕСА» (16+)
РЕН ТВ
6.00 ДОКУМ. ПРОЕКТ (16+)
7.00 С БОДРЫМ УТРОМ! (16+)
8.30 НОВОСТИ (16+)
9.00 Д/Ф «ЗАГАДКИ ЛЕТАЮЩИХ ТАРЕЛОК» (16+)
10.00 ДОКУМ. ФИЛЬМЫ (16+)
12.00, 16.05, 19.00 «112» (16+)
12.30 НОВОСТИ (16+)
13.00 ЗВАНЫЙ УЖИН (16+)
14.00 Х/Ф «ТРИ ДНЯ НА УБИЙСТВО» (16+)
16.30 НОВОСТИ (16+)
17.00 ТАЙНЫ ЧАПМАН (16+)
18.00 САМЫЕ ШОКИРУЮЩИЕ ГИПОТЕЗЫ (16+)
19.30 НОВОСТИ (16+)
20.00 Х/Ф «ПУЛЕНЕПРОБИВАЕМЫЙ МОНАХ» (16+)
22.00 СМОТРЕТЬ ВСЕМ! (16+)
23.00 НОВОСТИ (16+)
23.25 Х/Ф «ДЕВУШКА ИЗ ВОДЫ» (16+)
02.30 САМЫЕ ШОКИРУЮЩИЕ ГИПОТЕЗЫ (16+)
03.15 РЕМОНТ ПО-ЧЕСТНОМУ (16+)
04.00 ТЕРРИТОРИЯ ЗАБЛУЖДЕНИЙ (16+)
СТС
5.40 МУЗЫКА НА СТС (16+)
6.00 М/С «ЛЮДИ В ЧЕРНОМ»
6.55 М/С «ШОУ ТОМА И ДЖЕРРИ»
7.05 М/С «СМЕШАРИКИ»
7.30 М/С «ПРИКЛЮЧЕНИЯ ТАЙО»
8.05 ЕРАЛАШ
9.30 Т/С «ВЕЧНЫЙ ОТПУСК» (16+)
10.00 Т/С «КРЫША МИРА» (16+)
10.30 Х/Ф «СОЛТ» (16+)
12.25 ШОУ «УРАЛЬСКИХ ПЕЛЬМЕНЕЙ» (16+)
14.00 Т/С «ВОРОНИНЫ» (16+)
16.30 Т/С «КУХНЯ» (12+)
20.30 Т/С «ВЕЧНЫЙ ОТПУСК» (16+)
21.00 Т/С «КРЫША МИРА» (16+)
21.30 Х/Ф «ЭЛИЗИУМ» (16+)
23.40 «УРАЛЬСКИЕ ПЕЛЬМЕНИ. М+Ж» (16+)
00.00 ГЛАВНЫЕ НОВОСТИ (16+)
01.50 Т/С «ПАНАМЕРИКАН» (16+)
03.30 Т/С «МАРГОША» (16+)
ТВ3
5.00 Т/С «ДО СМЕРТИ КРАСИВА» (12+)
6.00 МУЛЬТФИЛЬМЫ
9.30 Д/С «СЛЕПАЯ» (12+)
10.30 Д/С «ГАДАЛКА» (12+)
11.30 НЕ ВРИ МНЕ (12+)
12.30 ТАЙНЫЕ ЗНАКИ (12+)
13.30 Д/С «ОХОТНИКИ ЗА ПРИВИДЕНИЯМИ» (16+)
15.00 МИСТИЧЕСКИЕ ИСТОРИИ (16+)
16.00 Д/С «ГАДАЛКА: ОТКРОЙ МНЕ» (12+)
16.30 Д/С «ГАДАЛКА: ПАУТИНА ОДИНОЧЕСТВА» (12+)
17.00 Д/С «ГАДАЛКА: ОДНОРАЗОВАЯ ЛЮБОВЬ» (12+)
17.30 Д/С «СЛЕПАЯ» (12+)
18.30 Т/С «ПЯТАЯ СТРАЖА. СХВАТКА» (16+)
19.30 Т/С «КАСЛ» (12+)
21.15 Т/С «МЕНТАЛИСТ» (12+)
23.00 Т/С «СЕКРЕТНЫЕ МАТЕРИАЛЫ» (16+)
03.00 ПАРАЛЛЕЛЬНЫЙ МИР (12+)
ДОМАШНИЙ
6.00 100 ВЕЛИКИХ (16+)
6.25 СЕКРЕТЫ СПОРТИВНЫХ ДОСТИЖЕНИЙ (16+)
7.25 РАЗРУШИТЕЛИ МИФОВ (16+)
8.30 ДОРОЖНЫЕ ВОЙНЫ (16+)
10.10 Т/С «АГЕНТ НАЦИОНАЛЬНОЙ БЕЗОПАСНОСТИ»
14.30 УТИЛИЗАТОР (12+)
15.30 УГАДАЙ КИНО (12+)
16.00 Т/С «МОРЕ. ГОРЫ. КЕРАМЗИТ» (16+)
18.00 БЕГУЩИЙ КОСАРЬ (12+)
18.30 КВН НА БИС (16+)
20.00 КВН. ВЫСШИЙ БАЛЛ (16+)
21.00 КВН НА БИС (16+)
21.30 БЕГУЩИЙ КОСАРЬ (12+)
22.00 +100500 (16+)
23.00 РУФЕРЫ (16+)
23.30 Т/С «ВО ВСЕ ТЯЖКИЕ» (18+)
01.25 Х/Ф «НЕУДЕРЖИМЫЕ» (16+)
03.00 РАЗРУШИТЕЛИ МИФОВ (16+)
04.00 100 ВЕЛИКИХ (16+)
ЗВЕЗДА
5.00 Д/С «КРОВАВЫЕ ЛИСТЬЯ САКУРЫ» (12+)
6.00 ЗВЕЗДА НА «ЗВЕЗДЕ» (6+)
6.50 ТЕОРИЯ ЗАГОВОРА (12+)
7.10 Х/Ф «ЧИСТАЯ ПОБЕДА» (16+)
9.50 Т/С «СМЕРТЬ ШПИОНАМ!» (16+)
12.00 ВОЕННАЯ ПРИЕМКА (6+)
13.00 НОВОСТИ ДНЯ
13.15 Д/С «ОСВОБОЖДЕНИЕ» (12+)
14.00 ВОЕННЫЕ НОВОСТИ
18.00 НОВОСТИ ДНЯ
18.30 Д/С «ИСТРЕБИТЕЛИ ВТОРОЙ МИРОВОЙ» (6+)
19.20 ТЕОРИЯ ЗАГОВОРА (12+)
20.05 Т/С «СМЕРТЬ ШПИОНАМ!» (16+)
22.10 НОВОСТИ ДНЯ
22.30 ЗВЕЗДА НА «ЗВЕЗДЕ» (6+)
23.15 Х/Ф «О ТЕХ, КОГО ПОМНЮ И ЛЮБЛЮ» (6+)
00.50 Х/Ф «ВАСИЛИЙ БУСЛАЕВ» (12+)
02.30 Х/Ф «ДВЕ СТРОЧКИ МЕЛКИМ ШРИФТОМ» (12+)
04.25 Х/Ф «ПОСЛЕ ВОЙНЫ - МИР» (12+)
5
6.00 СЕЙЧАС
6.10 УТРО НА «5» (6+)
9.30 МЕСТО ПРОИСШЕСТВИЯ
10.00, 12.00, 15.30 СЕЙЧАС
10.40 Х/Ф «МАЛЬТИЙСКИЙ КРЕСТ» (16+)
13.35 Х/Ф «ПО ПРОЗВИЩУ ЗВЕРЬ» (16+)
16.00 ОТКРЫТАЯ СТУДИЯ
17.30 АКТУАЛЬНО
18.30 СЕЙЧАС
19.00 Т/С «ДЕТЕКТИВЫ» (16+)
20.20 Т/С «СЛЕД» (16+)
22.00 СЕЙЧАС
22.25 Т/С «ПОСЛЕДНИЙ МЕНТ» (16+)
23.15 Т/С «СЛЕД» (16+)
00.00 Х/Ф «ГДЕ НАХОДИТСЯ НОФЕЛЕТ?» (12+)
01.35 Х/Ф «МАЛЬТИЙСКИЙ КРЕСТ» (16+)
03.35 Д/С «ЖИВАЯ ИСТОРИЯ» (12+)
